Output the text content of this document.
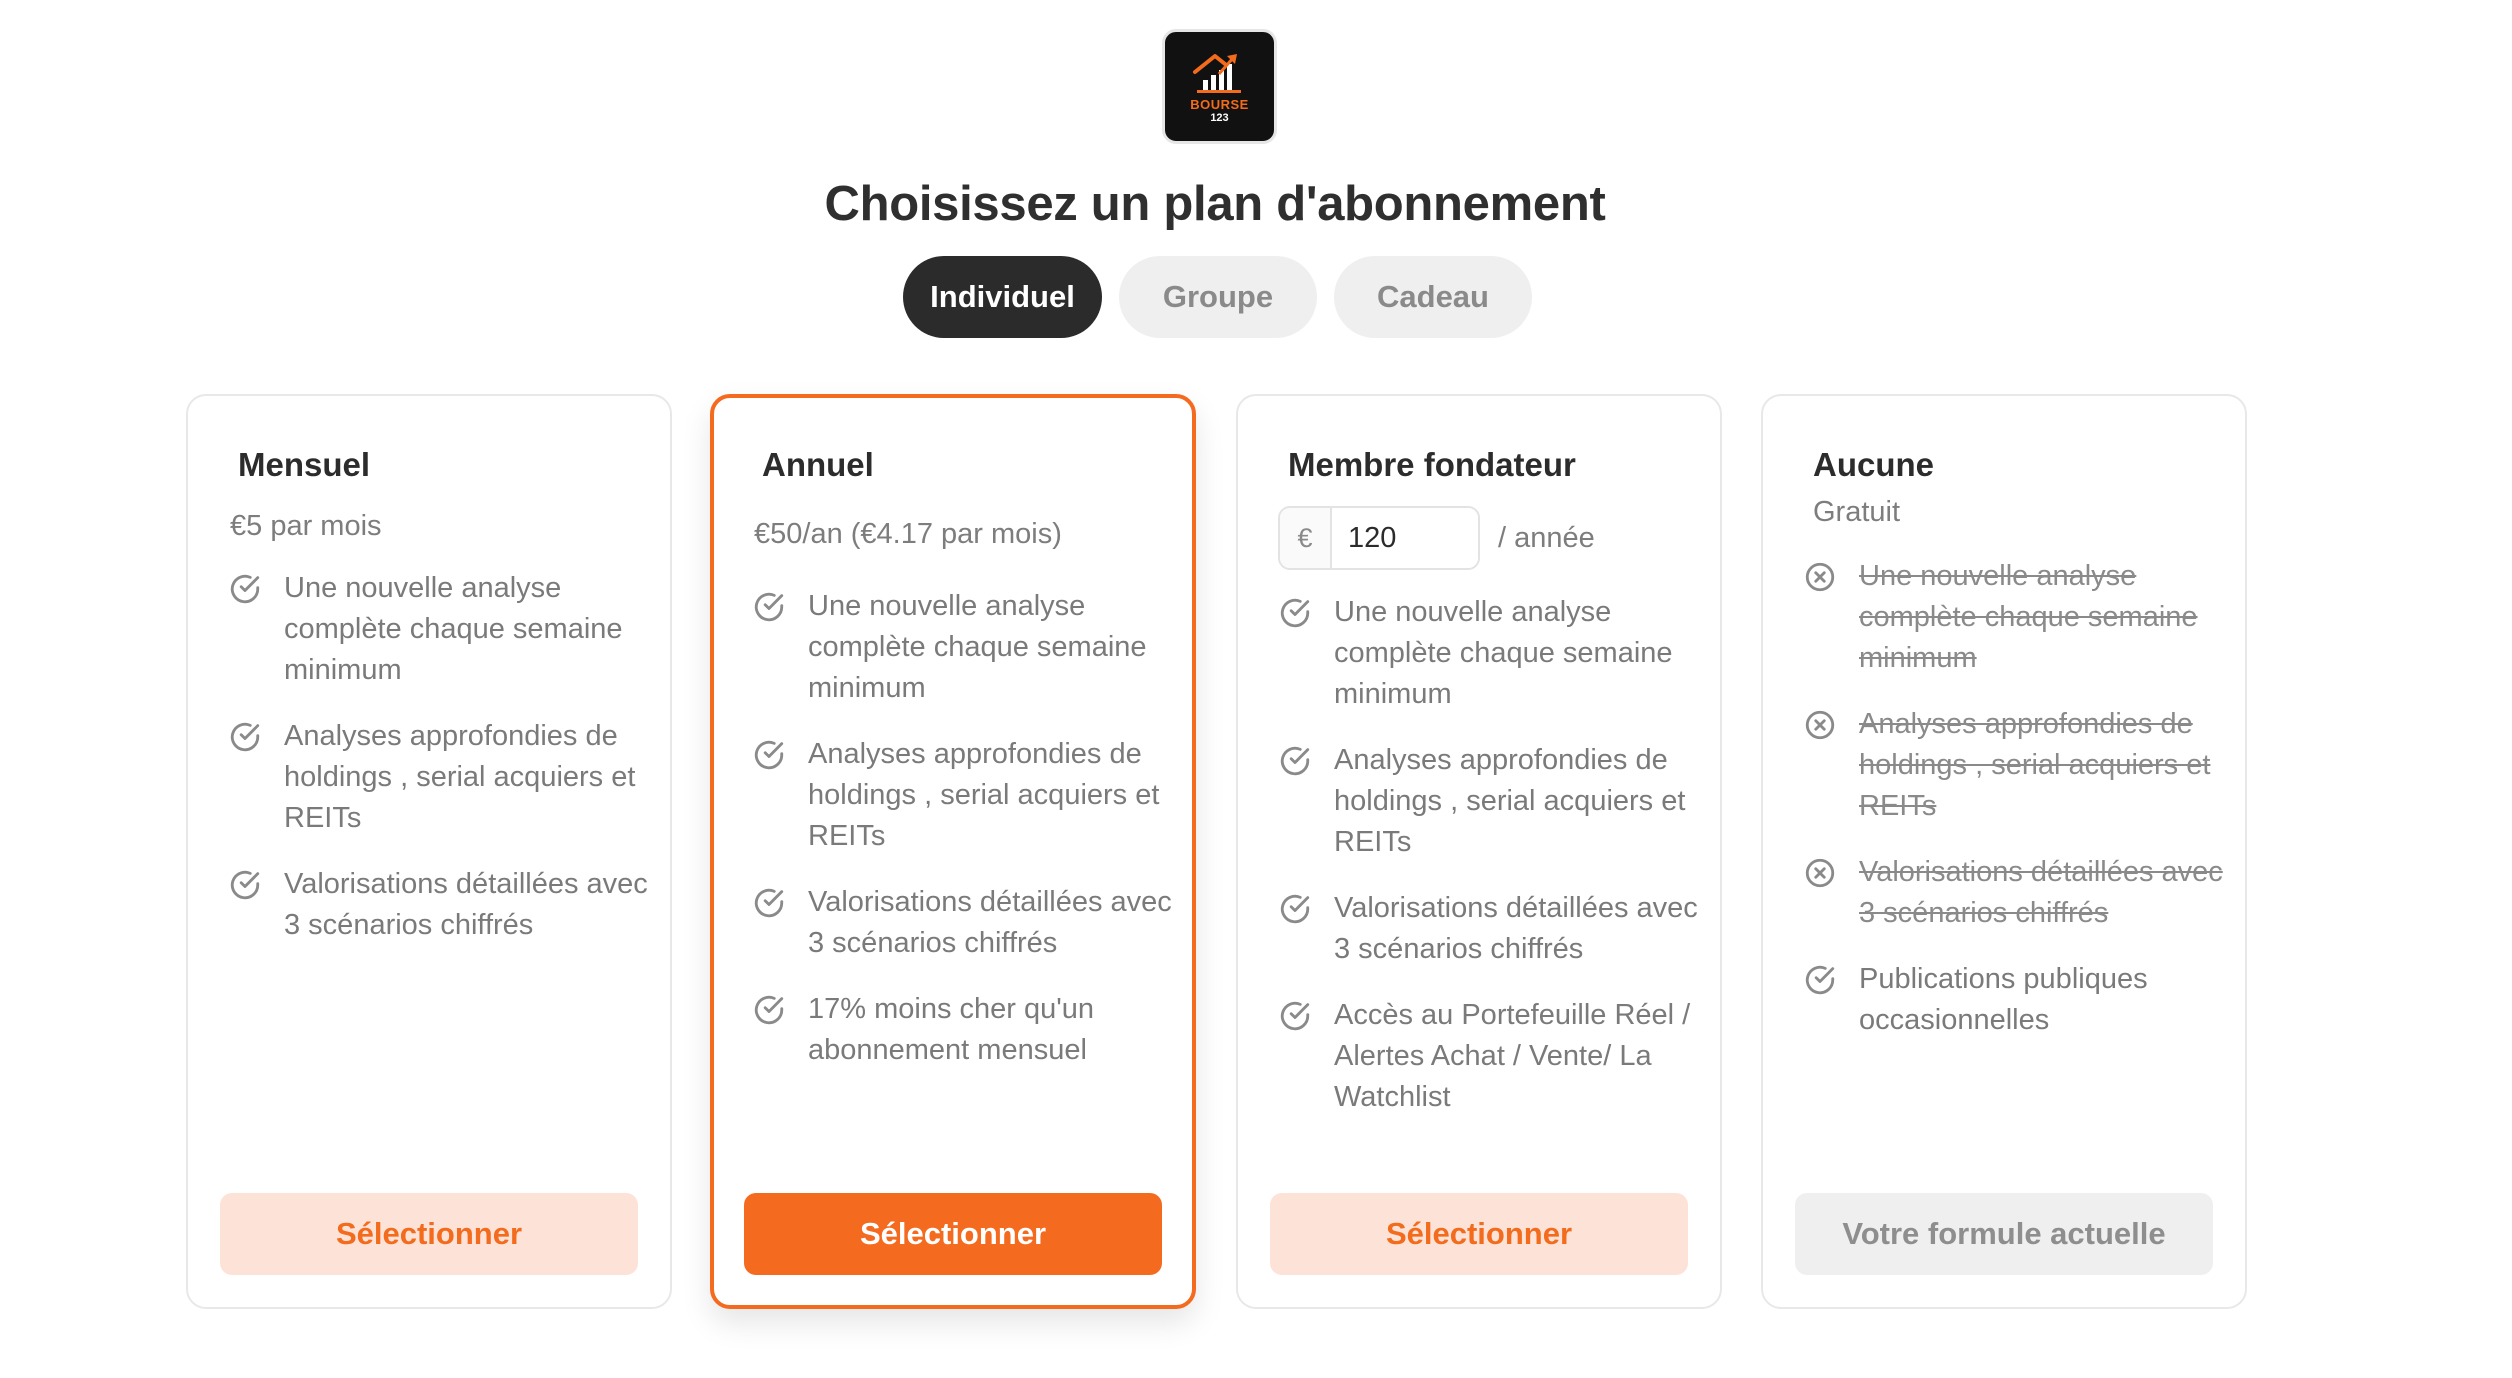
BOURSE
123
Choisissez un plan d'abonnement
Individuel	Groupe	Cadeau
Mensuel
€5 par mois
Une nouvelle analyse complète chaque semaine minimum
Analyses approfondies de holdings , serial acquiers et REITs
Valorisations détaillées avec 3 scénarios chiffrés
Sélectionner
Annuel
€50/an (€4.17 par mois)
Une nouvelle analyse complète chaque semaine minimum
Analyses approfondies de holdings , serial acquiers et REITs
Valorisations détaillées avec 3 scénarios chiffrés
17% moins cher qu'un abonnement mensuel
Sélectionner
Membre fondateur
€
120	/ année
Une nouvelle analyse complète chaque semaine minimum
Analyses approfondies de holdings , serial acquiers et REITs
Valorisations détaillées avec 3 scénarios chiffrés
Accès au Portefeuille Réel / Alertes Achat / Vente/ La Watchlist
Sélectionner
Aucune
Gratuit
Une nouvelle analyse complète chaque semaine minimum
Analyses approfondies de holdings , serial acquiers et REITs
Valorisations détaillées avec 3 scénarios chiffrés
Publications publiques occasionnelles
Votre formule actuelle
